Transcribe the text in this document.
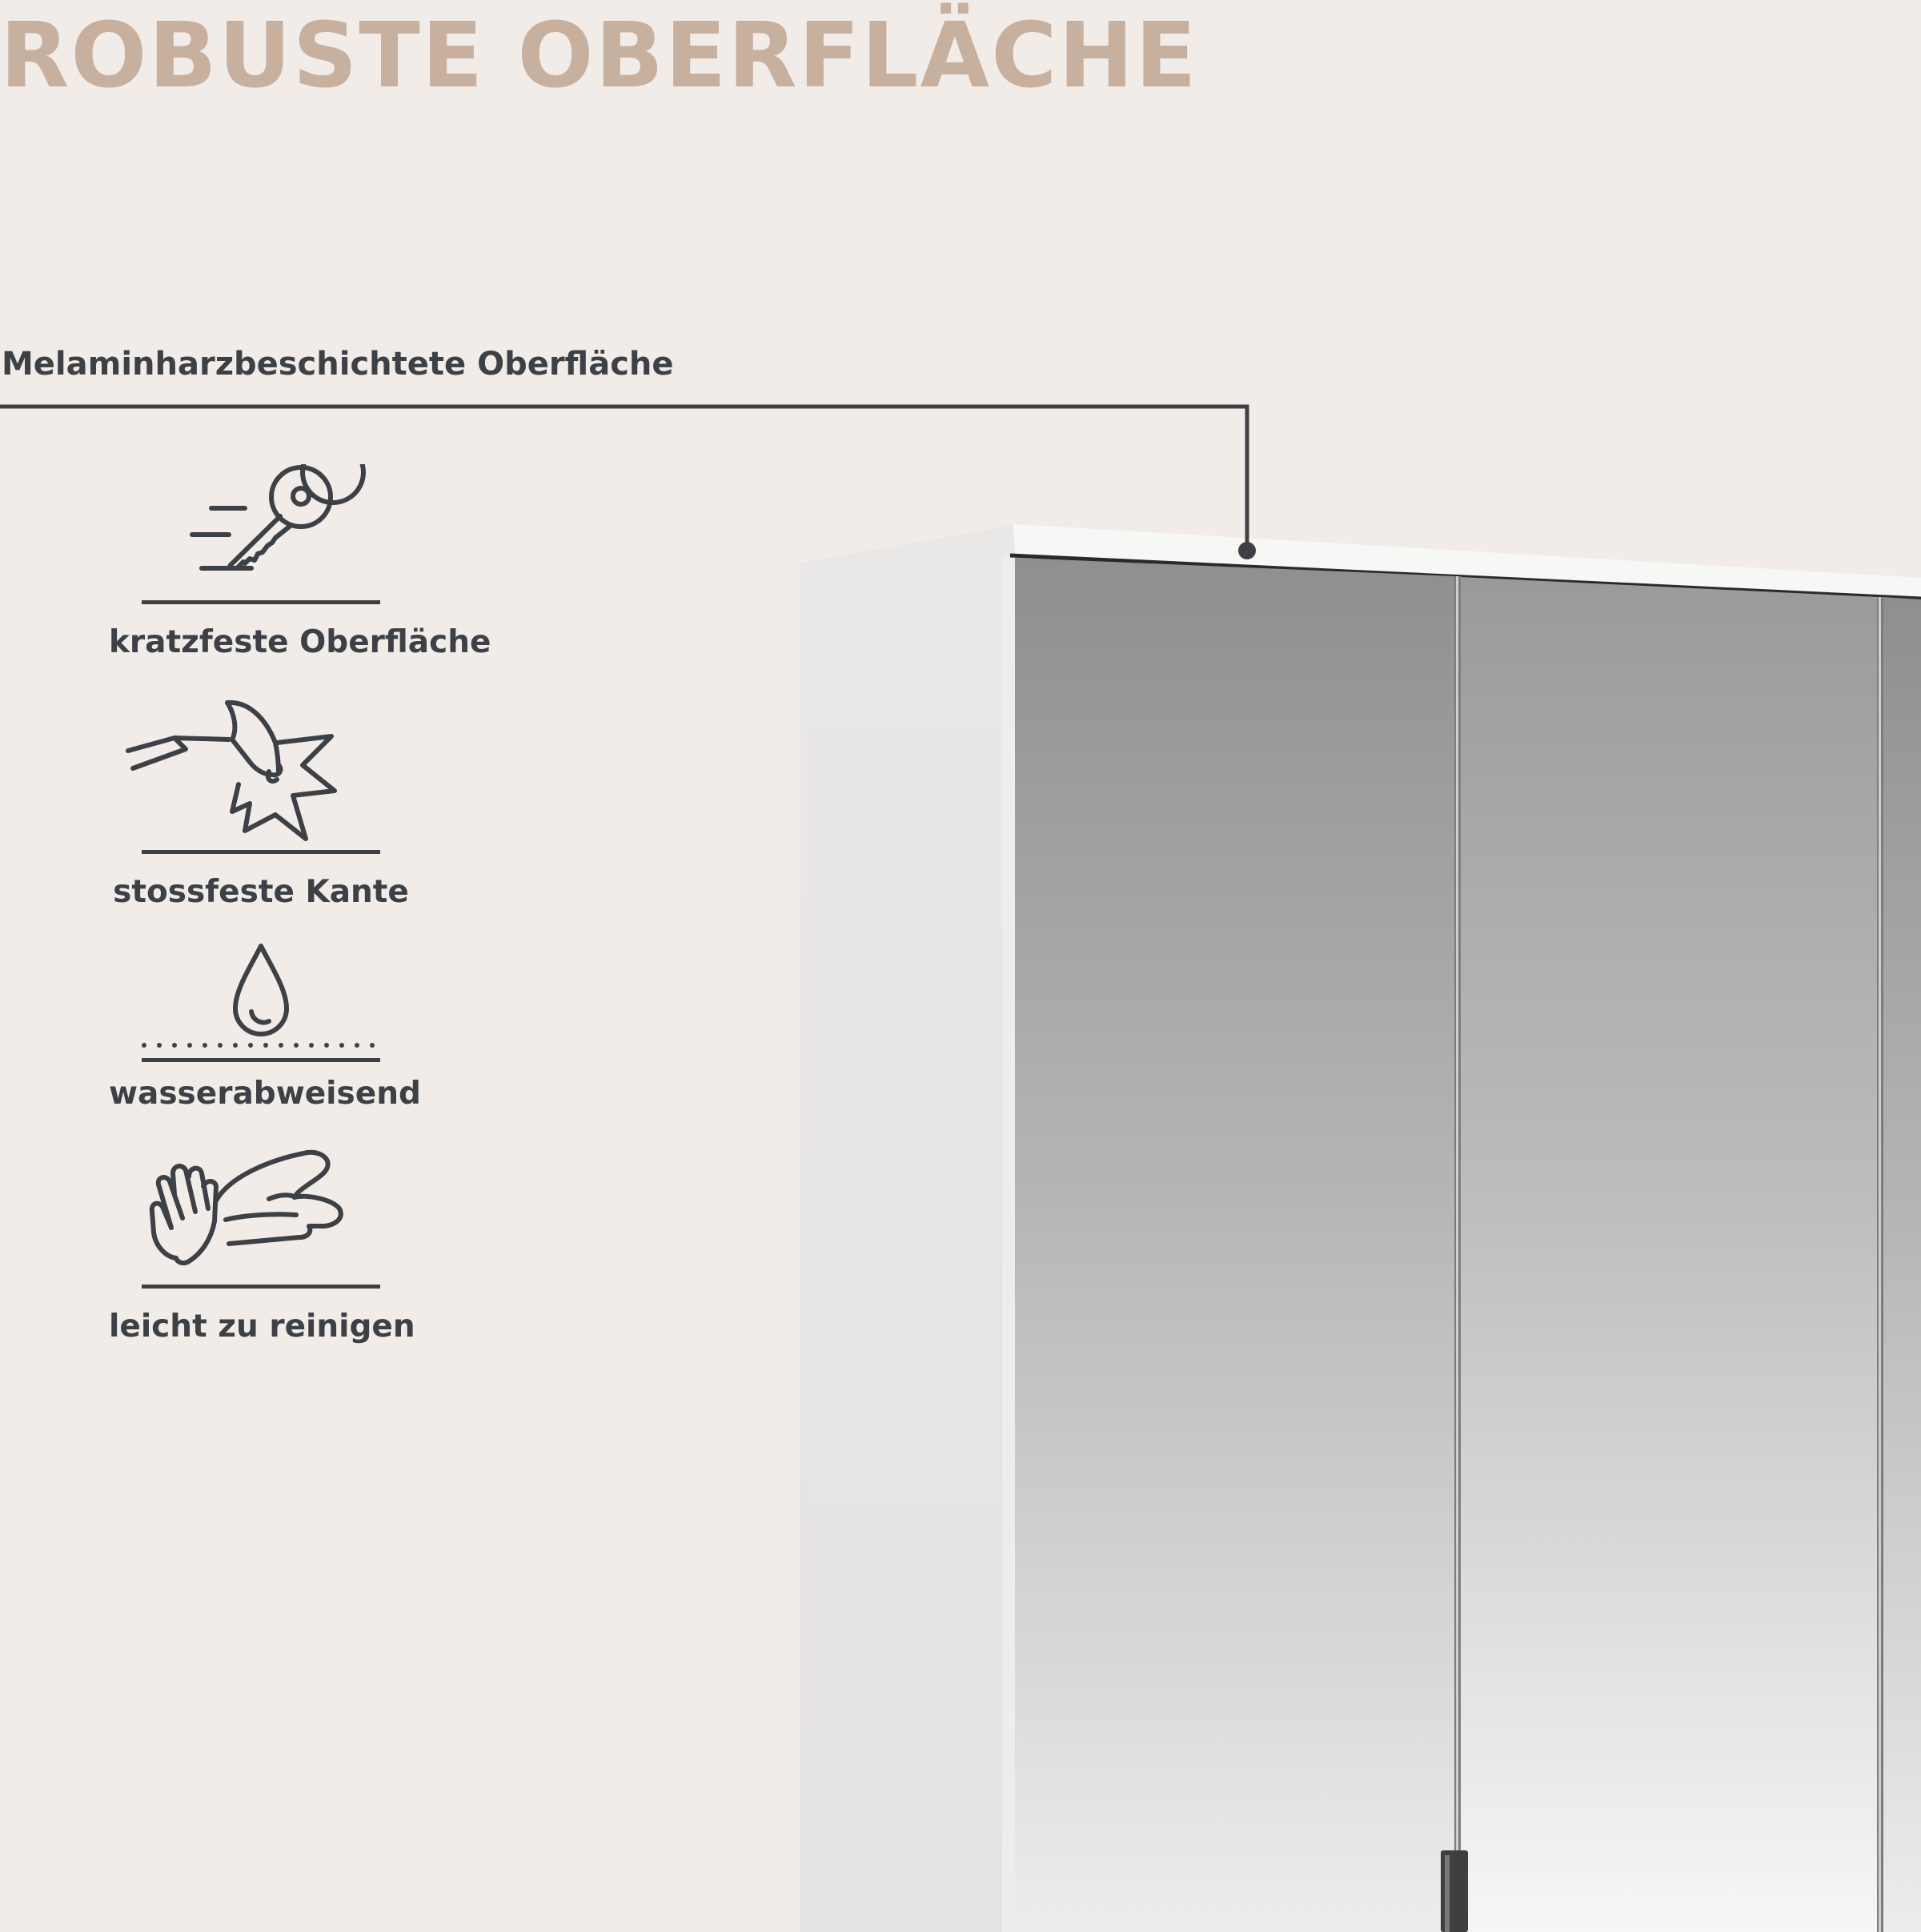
ROBUSTE OBERFLÄCHE
Melaminharzbeschichtete Oberfläche
kratzfeste Oberfläche
stossfeste Kante
wasserabweisend
leicht zu reinigen
